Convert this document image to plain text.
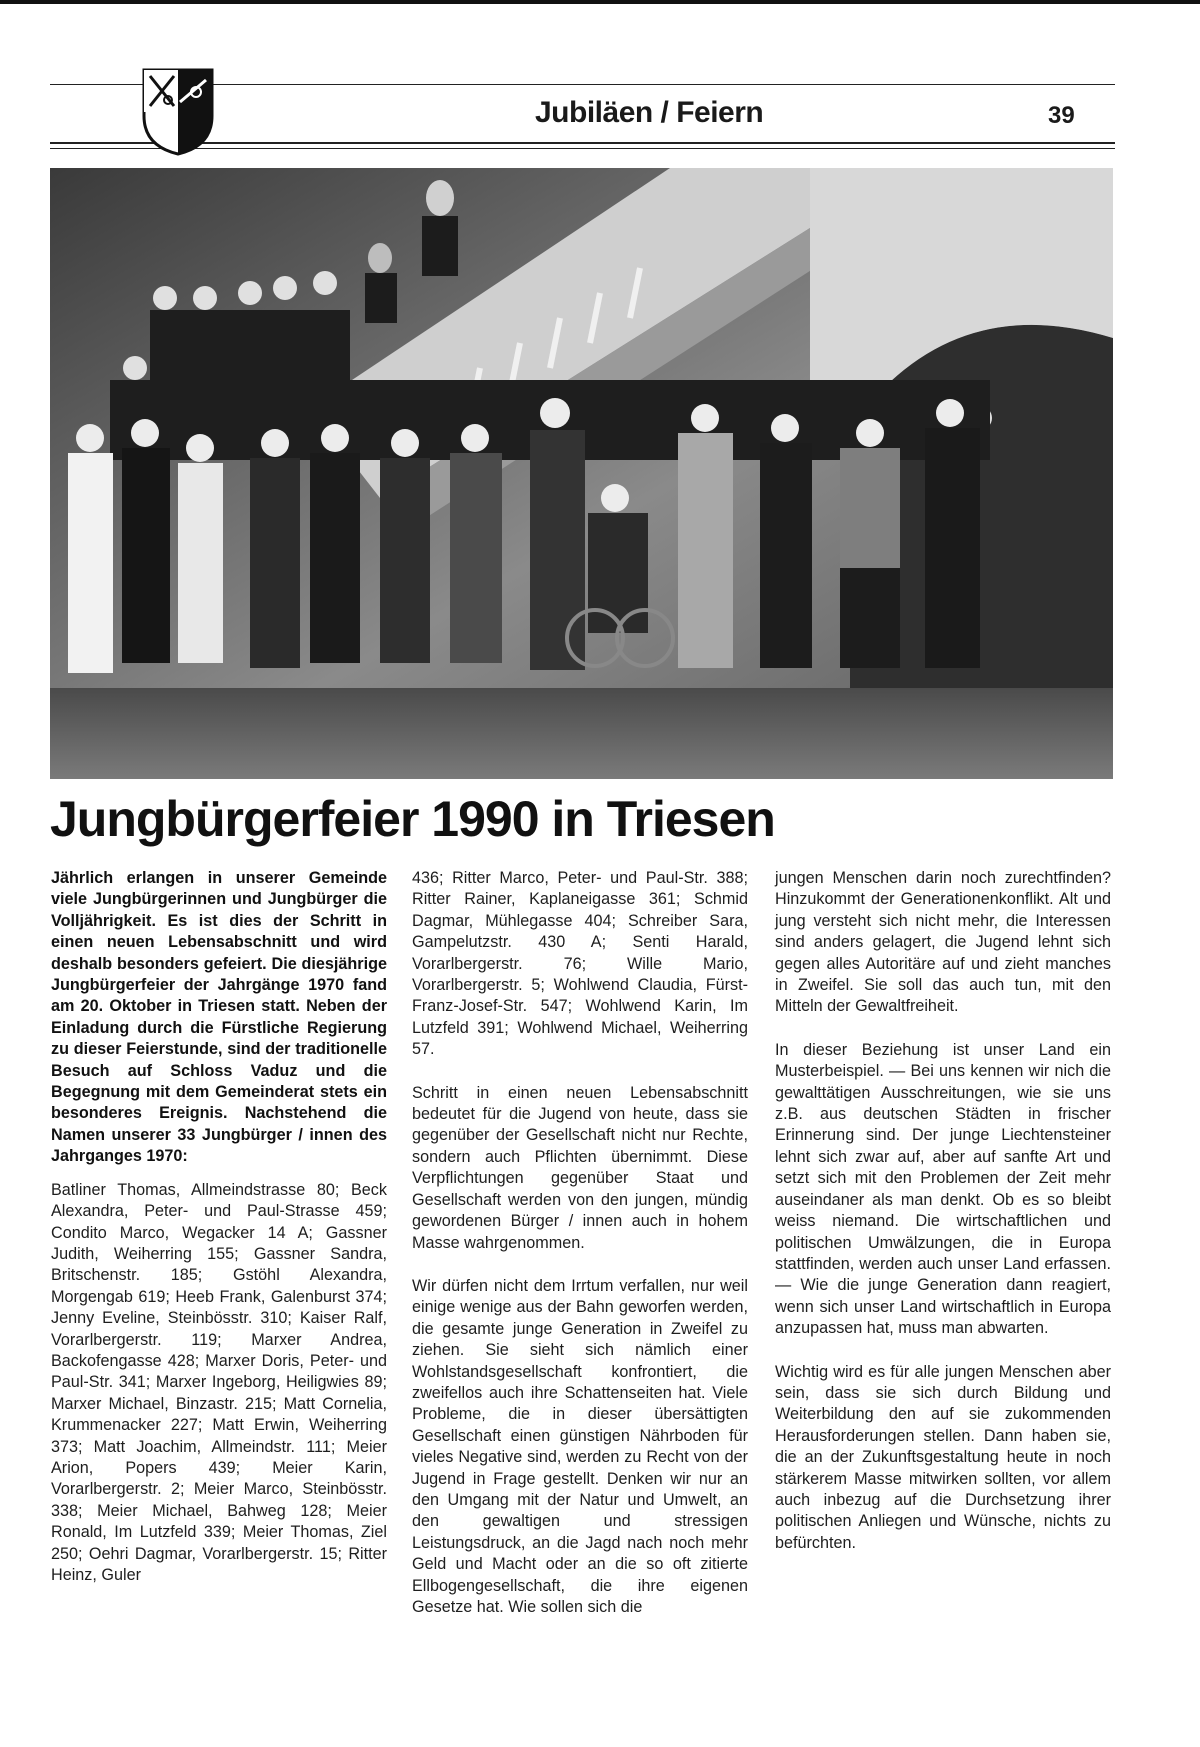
Jubiläen / Feiern	39
Jungbürgerfeier 1990 in Triesen

Jährlich erlangen in unserer Gemeinde viele Jungbürgerinnen und Jungbürger die Volljährigkeit. Es ist dies der Schritt in einen neuen Lebensabschnitt und wird deshalb besonders gefeiert. Die diesjährige Jungbürgerfeier der Jahrgänge 1970 fand am 20. Oktober in Triesen statt. Neben der Einladung durch die Fürstliche Regierung zu dieser Feierstunde, sind der traditionelle Besuch auf Schloss Vaduz und die Begegnung mit dem Gemeinderat stets ein besonderes Ereignis. Nachstehend die Namen unserer 33 Jungbürger / innen des Jahrganges 1970:

Batliner Thomas, Allmeindstrasse 80; Beck Alexandra, Peter- und Paul-Strasse 459; Condito Marco, Wegacker 14 A; Gassner Judith, Weiherring 155; Gassner Sandra, Britschenstr. 185; Gstöhl Alexandra, Morgengab 619; Heeb Frank, Galenburst 374; Jenny Eveline, Steinbösstr. 310; Kaiser Ralf, Vorarlbergerstr. 119; Marxer Andrea, Backofengasse 428; Marxer Doris, Peter- und Paul-Str. 341; Marxer Ingeborg, Heiligwies 89; Marxer Michael, Binzastr. 215; Matt Cornelia, Krummenacker 227; Matt Erwin, Weiherring 373; Matt Joachim, Allmeindstr. 111; Meier Arion, Popers 439; Meier Karin, Vorarlbergerstr. 2; Meier Marco, Steinbösstr. 338; Meier Michael, Bahweg 128; Meier Ronald, Im Lutzfeld 339; Meier Thomas, Ziel 250; Oehri Dagmar, Vorarlbergerstr. 15; Ritter Heinz, Guler

436; Ritter Marco, Peter- und Paul-Str. 388; Ritter Rainer, Kaplaneigasse 361; Schmid Dagmar, Mühlegasse 404; Schreiber Sara, Gampelutzstr. 430 A; Senti Harald, Vorarlbergerstr. 76; Wille Mario, Vorarlbergerstr. 5; Wohlwend Claudia, Fürst-Franz-Josef-Str. 547; Wohlwend Karin, Im Lutzfeld 391; Wohlwend Michael, Weiherring 57.

Schritt in einen neuen Lebensabschnitt bedeutet für die Jugend von heute, dass sie gegenüber der Gesellschaft nicht nur Rechte, sondern auch Pflichten übernimmt. Diese Verpflichtungen gegenüber Staat und Gesellschaft werden von den jungen, mündig gewordenen Bürger / innen auch in hohem Masse wahrgenommen.

Wir dürfen nicht dem Irrtum verfallen, nur weil einige wenige aus der Bahn geworfen werden, die gesamte junge Generation in Zweifel zu ziehen. Sie sieht sich nämlich einer Wohlstandsgesellschaft konfrontiert, die zweifellos auch ihre Schattenseiten hat. Viele Probleme, die in dieser übersättigten Gesellschaft einen günstigen Nährboden für vieles Negative sind, werden zu Recht von der Jugend in Frage gestellt. Denken wir nur an den Umgang mit der Natur und Umwelt, an den gewaltigen und stressigen Leistungsdruck, an die Jagd nach noch mehr Geld und Macht oder an die so oft zitierte Ellbogengesellschaft, die ihre eigenen Gesetze hat. Wie sollen sich die

jungen Menschen darin noch zurechtfinden? Hinzukommt der Generationenkonflikt. Alt und jung versteht sich nicht mehr, die Interessen sind anders gelagert, die Jugend lehnt sich gegen alles Autoritäre auf und zieht manches in Zweifel. Sie soll das auch tun, mit den Mitteln der Gewaltfreiheit.

In dieser Beziehung ist unser Land ein Musterbeispiel. — Bei uns kennen wir nich die gewalttätigen Ausschreitungen, wie sie uns z.B. aus deutschen Städten in frischer Erinnerung sind. Der junge Liechtensteiner lehnt sich zwar auf, aber auf sanfte Art und setzt sich mit den Problemen der Zeit mehr auseindaner als man denkt. Ob es so bleibt weiss niemand. Die wirtschaftlichen und politischen Umwälzungen, die in Europa stattfinden, werden auch unser Land erfassen. — Wie die junge Generation dann reagiert, wenn sich unser Land wirtschaftlich in Europa anzupassen hat, muss man abwarten.

Wichtig wird es für alle jungen Menschen aber sein, dass sie sich durch Bildung und Weiterbildung den auf sie zukommenden Herausforderungen stellen. Dann haben sie, die an der Zukunftsgestaltung heute in noch stärkerem Masse mitwirken sollten, vor allem auch inbezug auf die Durchsetzung ihrer politischen Anliegen und Wünsche, nichts zu befürchten.
